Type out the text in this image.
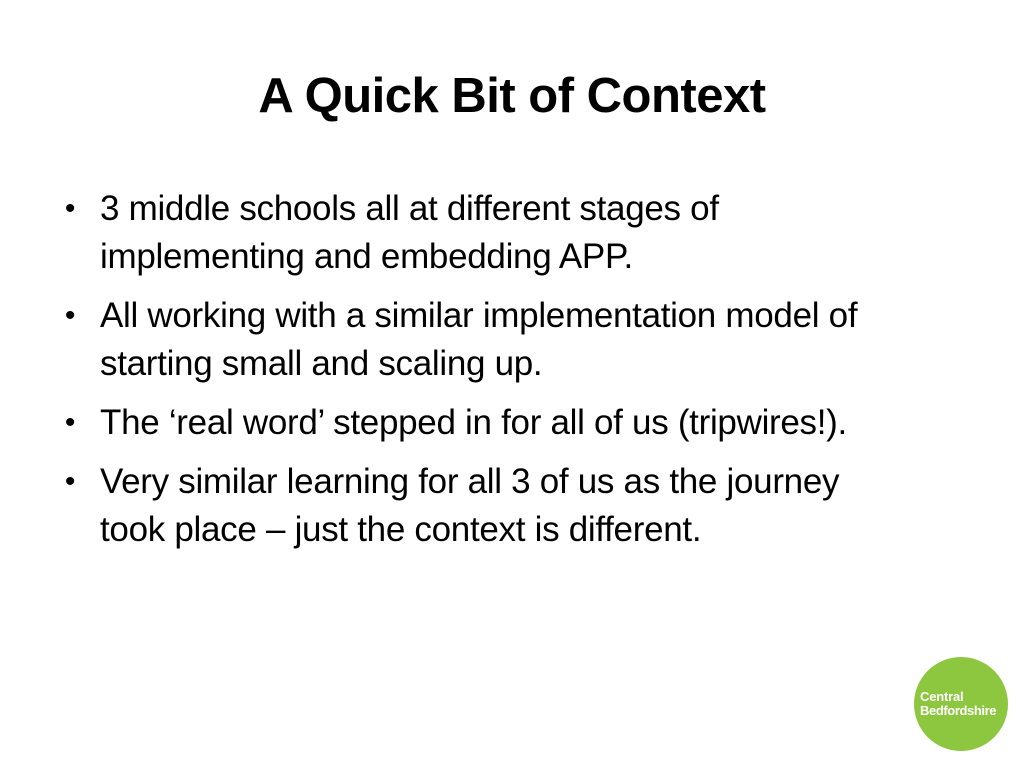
A Quick Bit of Context
• 3 middle schools all at different stages of implementing and embedding APP.
• All working with a similar implementation model of starting small and scaling up.
• The ‘real word’ stepped in for all of us (tripwires!).
• Very similar learning for all 3 of us as the journey took place – just the context is different.
Central
Bedfordshire
